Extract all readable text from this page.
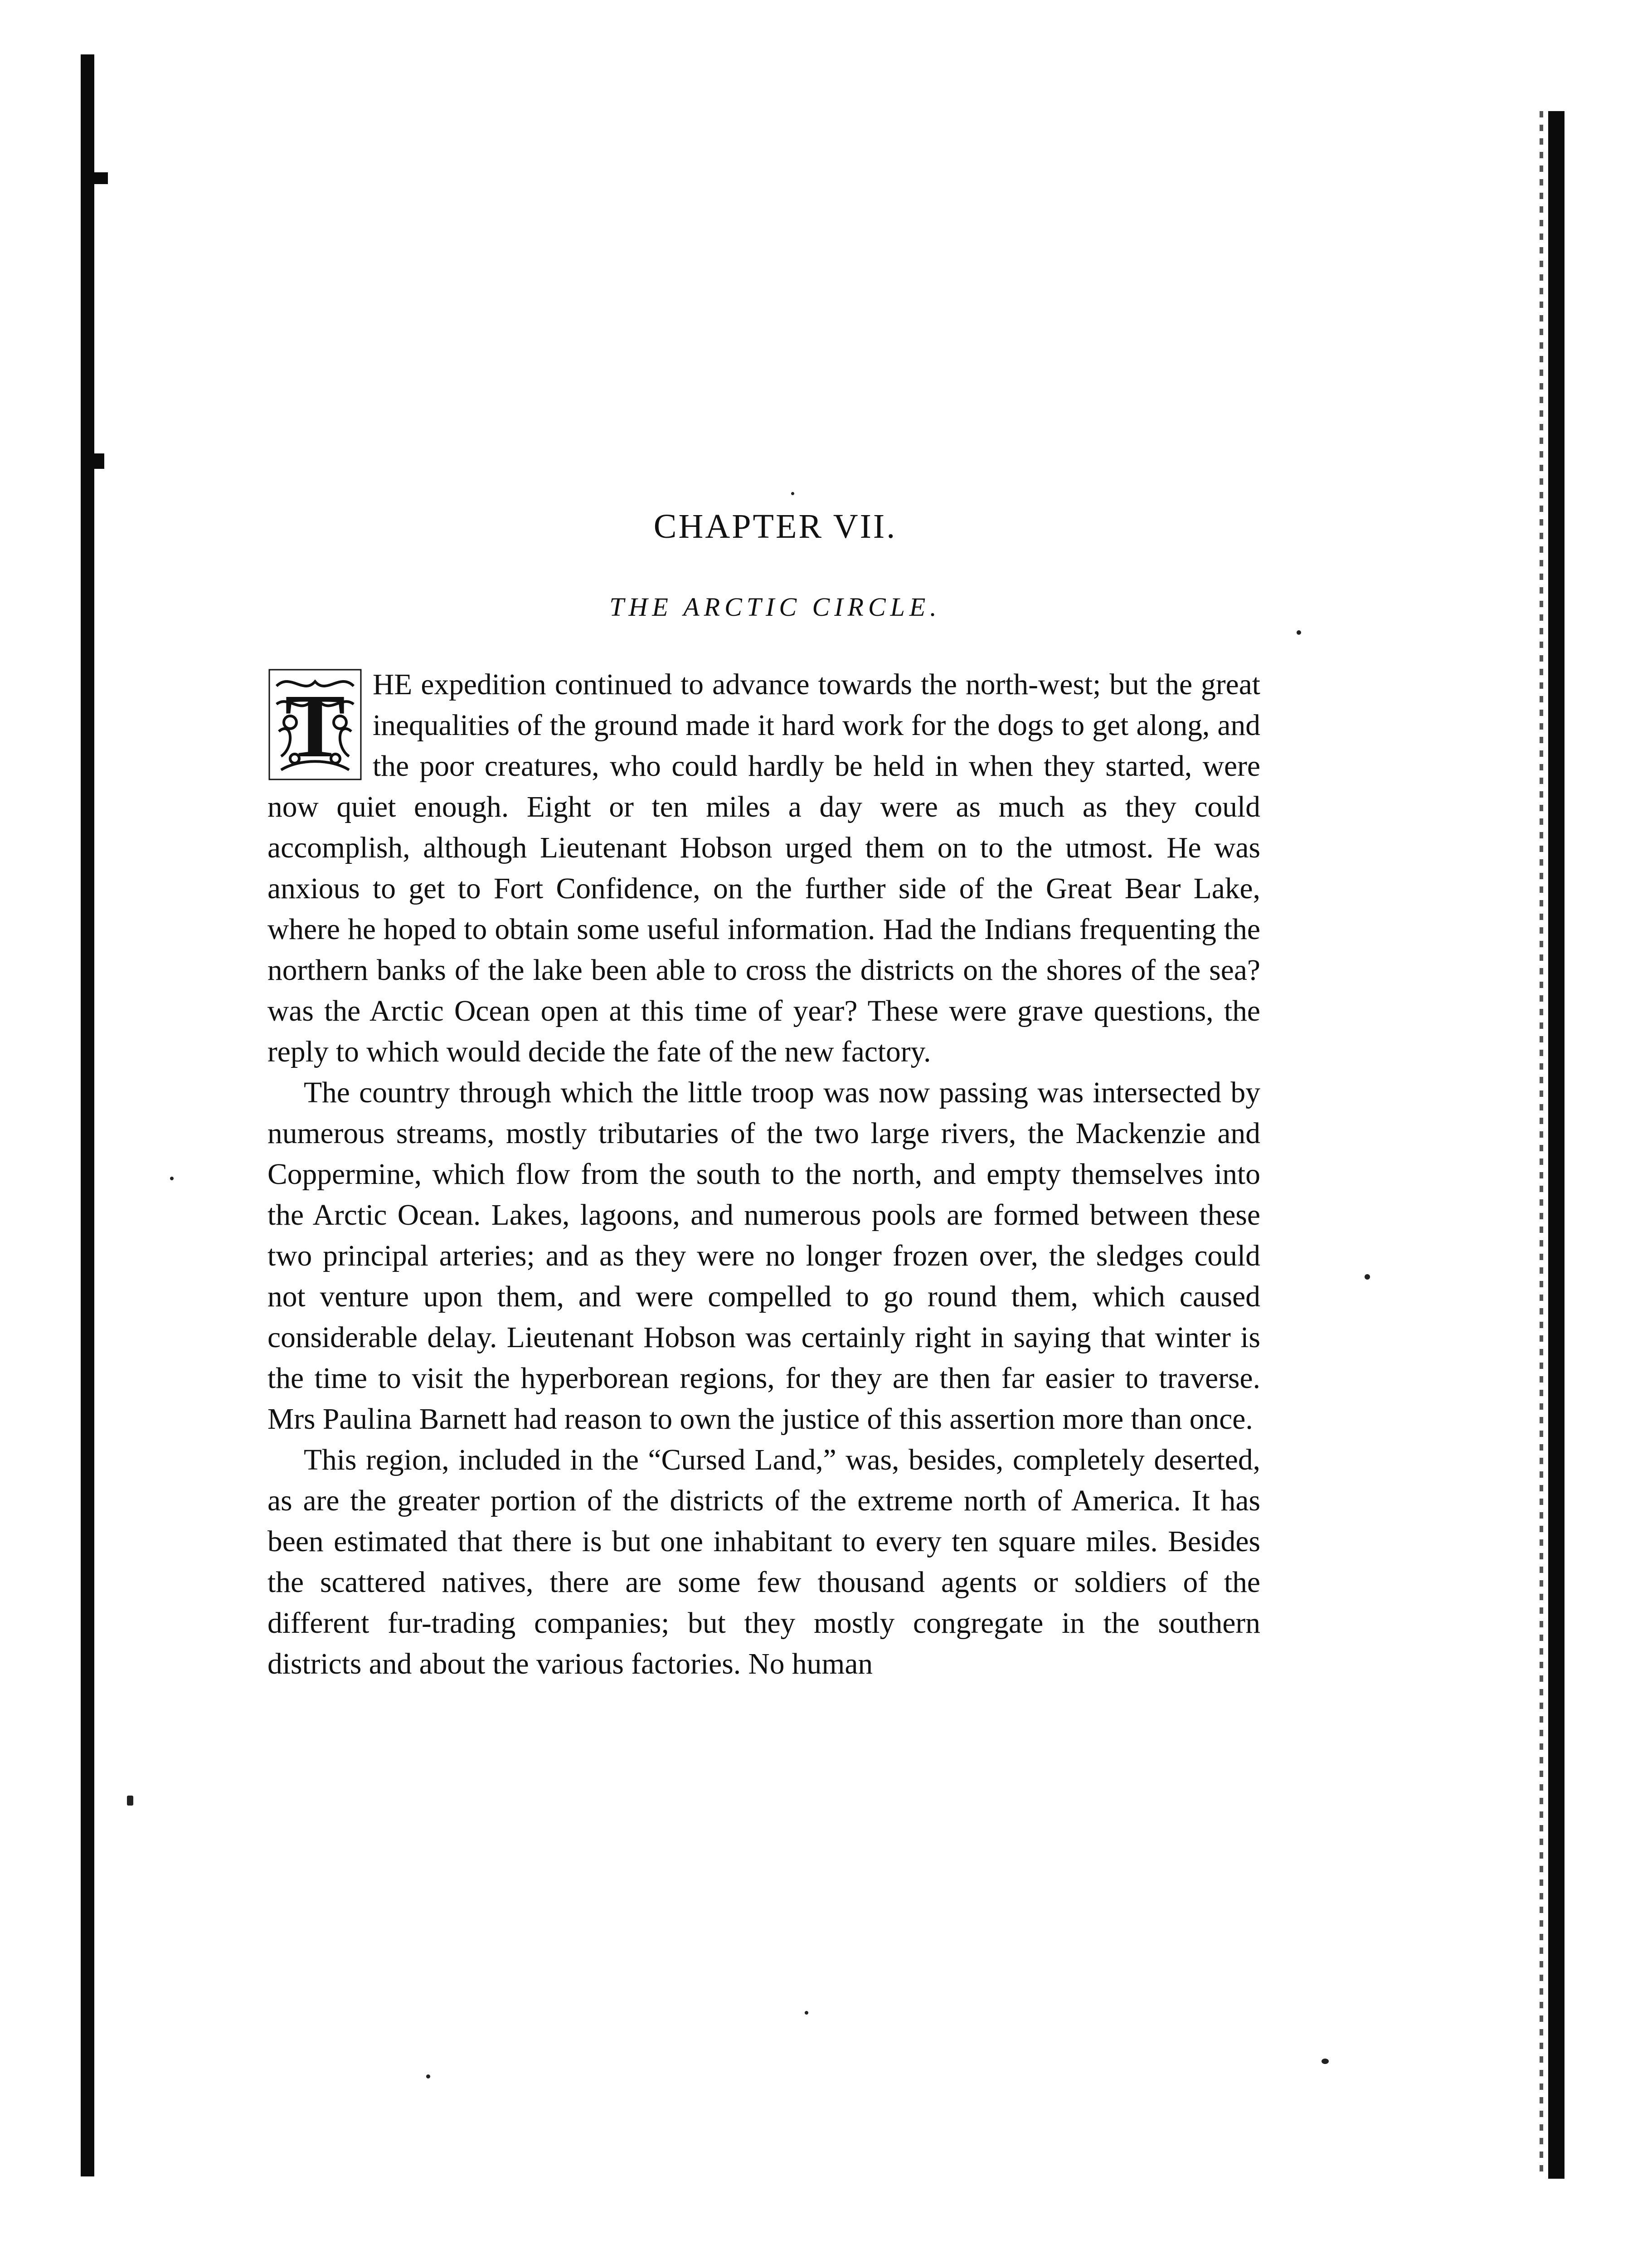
CHAPTER VII.
THE ARCTIC CIRCLE.

T HE expedition continued to advance towards the north-west; but the great inequalities of the ground made it hard work for the dogs to get along, and the poor creatures, who could hardly be held in when they started, were now quiet enough. Eight or ten miles a day were as much as they could accomplish, although Lieutenant Hobson urged them on to the utmost. He was anxious to get to Fort Confidence, on the further side of the Great Bear Lake, where he hoped to obtain some useful information. Had the Indians frequenting the northern banks of the lake been able to cross the districts on the shores of the sea? was the Arctic Ocean open at this time of year? These were grave questions, the reply to which would decide the fate of the new factory.

The country through which the little troop was now passing was intersected by numerous streams, mostly tributaries of the two large rivers, the Mackenzie and Coppermine, which flow from the south to the north, and empty themselves into the Arctic Ocean. Lakes, lagoons, and numerous pools are formed between these two principal arteries; and as they were no longer frozen over, the sledges could not venture upon them, and were compelled to go round them, which caused considerable delay. Lieutenant Hobson was certainly right in saying that winter is the time to visit the hyperborean regions, for they are then far easier to traverse. Mrs Paulina Barnett had reason to own the justice of this assertion more than once.

This region, included in the “Cursed Land,” was, besides, completely deserted, as are the greater portion of the districts of the extreme north of America. It has been estimated that there is but one inhabitant to every ten square miles. Besides the scattered natives, there are some few thousand agents or soldiers of the different fur-trading companies; but they mostly congregate in the southern districts and about the various factories. No human
